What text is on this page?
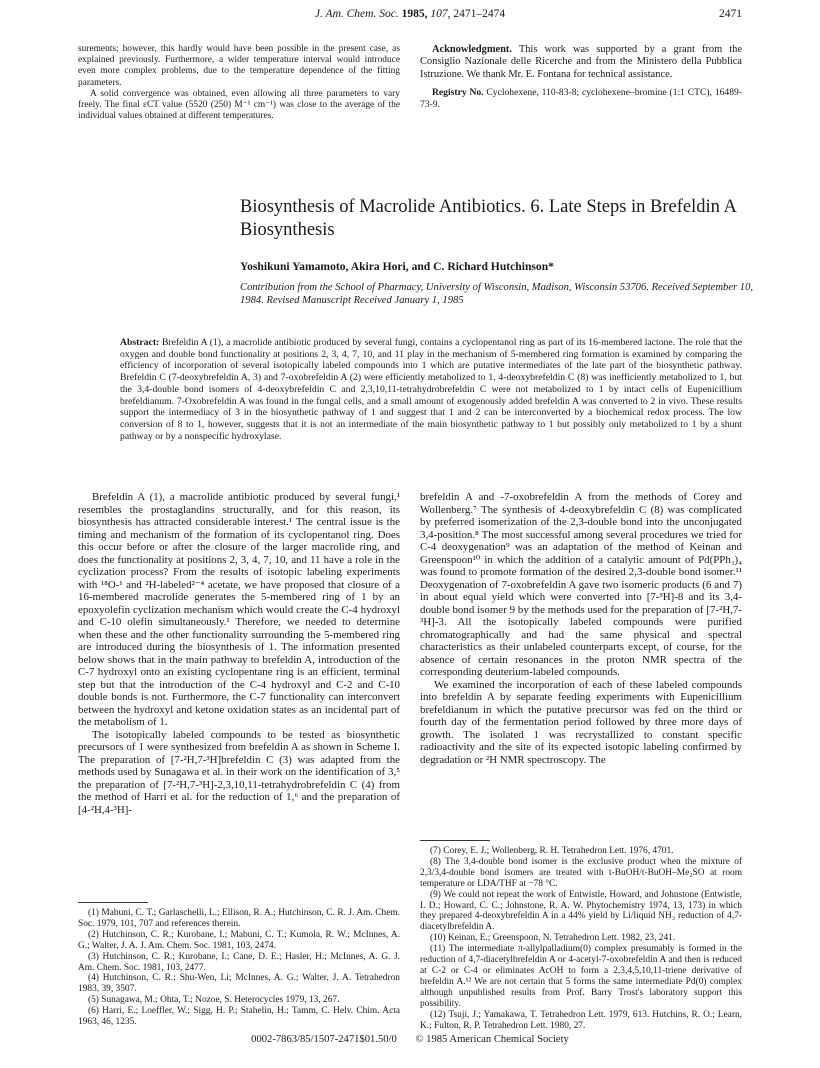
J. Am. Chem. Soc. 1985, 107, 2471–2474	2471

surements; however, this hardly would have been possible in the present case, as explained previously. Furthermore, a wider temperature interval would introduce even more complex problems, due to the temperature dependence of the fitting parameters.

A solid convergence was obtained, even allowing all three parameters to vary freely. The final εCT value (5520 (250) M⁻¹ cm⁻¹) was close to the average of the individual values obtained at different temperatures.

Acknowledgment. This work was supported by a grant from the Consiglio Nazionale delle Ricerche and from the Ministero della Pubblica Istruzione. We thank Mr. E. Fontana for technical assistance.

Registry No. Cyclohexene, 110-83-8; cyclohexene–bromine (1:1 CTC), 16489-73-9.

Biosynthesis of Macrolide Antibiotics. 6. Late Steps in Brefeldin A Biosynthesis
Yoshikuni Yamamoto, Akira Hori, and C. Richard Hutchinson*
Contribution from the School of Pharmacy, University of Wisconsin, Madison, Wisconsin 53706. Received September 10, 1984. Revised Manuscript Received January 1, 1985
Abstract: Brefeldin A (1), a macrolide antibiotic produced by several fungi, contains a cyclopentanol ring as part of its 16-membered lactone. The role that the oxygen and double bond functionality at positions 2, 3, 4, 7, 10, and 11 play in the mechanism of 5-membered ring formation is examined by comparing the efficiency of incorporation of several isotopically labeled compounds into 1 which are putative intermediates of the late part of the biosynthetic pathway. Brefeldin C (7-deoxybrefeldin A, 3) and 7-oxobrefeldin A (2) were efficiently metabolized to 1, 4-deoxybrefeldin C (8) was inefficiently metabolized to 1, but the 3,4-double bond isomers of 4-deoxybrefeldin C and 2,3,10,11-tetrahydrobrefeldin C were not metabolized to 1 by intact cells of Eupenicillium brefeldianum. 7-Oxobrefeldin A was found in the fungal cells, and a small amount of exogenously added brefeldin A was converted to 2 in vivo. These results support the intermediacy of 3 in the biosynthetic pathway of 1 and suggest that 1 and 2 can be interconverted by a biochemical redox process. The low conversion of 8 to 1, however, suggests that it is not an intermediate of the main biosynthetic pathway to 1 but possibly only metabolized to 1 by a shunt pathway or by a nonspecific hydroxylase.

Brefeldin A (1), a macrolide antibiotic produced by several fungi,¹ resembles the prostaglandins structurally, and for this reason, its biosynthesis has attracted considerable interest.¹ The central issue is the timing and mechanism of the formation of its cyclopentanol ring. Does this occur before or after the closure of the larger macrolide ring, and does the functionality at positions 2, 3, 4, 7, 10, and 11 have a role in the cyclization process? From the results of isotopic labeling experiments with ¹⁸O-¹ and ²H-labeled²⁻⁴ acetate, we have proposed that closure of a 16-membered macrolide generates the 5-membered ring of 1 by an epoxyolefin cyclization mechanism which would create the C-4 hydroxyl and C-10 olefin simultaneously.¹ Therefore, we needed to determine when these and the other functionality surrounding the 5-membered ring are introduced during the biosynthesis of 1. The information presented below shows that in the main pathway to brefeldin A, introduction of the C-7 hydroxyl onto an existing cyclopentane ring is an efficient, terminal step but that the introduction of the C-4 hydroxyl and C-2 and C-10 double bonds is not. Furthermore, the C-7 functionality can interconvert between the hydroxyl and ketone oxidation states as an incidental part of the metabolism of 1.

The isotopically labeled compounds to be tested as biosynthetic precursors of 1 were synthesized from brefeldin A as shown in Scheme I. The preparation of [7-²H,7-³H]brefeldin C (3) was adapted from the methods used by Sunagawa et al. in their work on the identification of 3,⁵ the preparation of [7-²H,7-³H]-2,3,10,11-tetrahydrobrefeldin C (4) from the method of Harri et al. for the reduction of 1,⁶ and the preparation of [4-²H,4-³H]-

(1) Mabuni, C. T.; Garlaschelli, L.; Ellison, R. A.; Hutchinson, C. R. J. Am. Chem. Soc. 1979, 101, 707 and references therein.

(2) Hutchinson, C. R.; Kurobane, I.; Mabuni, C. T.; Kumola, R. W.; McInnes, A. G.; Walter, J. A. J. Am. Chem. Soc. 1981, 103, 2474.

(3) Hutchinson, C. R.; Kurobane, I.; Cane, D. E.; Hasler, H.; McInnes, A. G. J. Am. Chem. Soc. 1981, 103, 2477.

(4) Hutchinson, C. R.; Shu-Wen, Li; McInnes, A. G.; Walter, J. A. Tetrahedron 1983, 39, 3507.

(5) Sunagawa, M.; Ohta, T.; Nozoe, S. Heterocycles 1979, 13, 267.

(6) Harri, E.; Loeffler, W.; Sigg, H. P.; Stahelin, H.; Tamm, C. Helv. Chim. Acta 1963, 46, 1235.

brefeldin A and -7-oxobrefeldin A from the methods of Corey and Wollenberg.⁷ The synthesis of 4-deoxybrefeldin C (8) was complicated by preferred isomerization of the 2,3-double bond into the unconjugated 3,4-position.⁸ The most successful among several procedures we tried for C-4 deoxygenation⁹ was an adaptation of the method of Keinan and Greenspoon¹⁰ in which the addition of a catalytic amount of Pd(PPh₃)₄ was found to promote formation of the desired 2,3-double bond isomer.¹¹ Deoxygenation of 7-oxobrefeldin A gave two isomeric products (6 and 7) in about equal yield which were converted into [7-³H]-8 and its 3,4-double bond isomer 9 by the methods used for the preparation of [7-²H,7-³H]-3. All the isotopically labeled compounds were purified chromatographically and had the same physical and spectral characteristics as their unlabeled counterparts except, of course, for the absence of certain resonances in the proton NMR spectra of the corresponding deuterium-labeled compounds.

We examined the incorporation of each of these labeled compounds into brefeldin A by separate feeding experiments with Eupenicillium brefeldianum in which the putative precursor was fed on the third or fourth day of the fermentation period followed by three more days of growth. The isolated 1 was recrystallized to constant specific radioactivity and the site of its expected isotopic labeling confirmed by degradation or ²H NMR spectroscopy. The

(7) Corey, E. J.; Wollenberg, R. H. Tetrahedron Lett. 1976, 4701.

(8) The 3,4-double bond isomer is the exclusive product when the mixture of 2,3/3,4-double bond isomers are treated with t-BuOH/t-BuOH–Me₂SO at room temperature or LDA/THF at −78 °C.

(9) We could not repeat the work of Entwistle, Howard, and Johnstone (Entwistle, I. D.; Howard, C. C.; Johnstone, R. A. W. Phytochemistry 1974, 13, 173) in which they prepared 4-deoxybrefeldin A in a 44% yield by Li/liquid NH₃ reduction of 4,7-diacetylbrefeldin A.

(10) Keinan, E.; Greenspoon, N. Tetrahedron Lett. 1982, 23, 241.

(11) The intermediate π-allylpalladium(0) complex presumably is formed in the reduction of 4,7-diacetylbrefeldin A or 4-acetyl-7-oxobrefeldin A and then is reduced at C-2 or C-4 or eliminates AcOH to form a 2,3,4,5,10,11-triene derivative of brefeldin A.¹² We are not certain that 5 forms the same intermediate Pd(0) complex although unpublished results from Prof. Barry Trost's laboratory support this possibility.

(12) Tsuji, J.; Yamakawa, T. Tetrahedron Lett. 1979, 613. Hutchins, R. O.; Learn, K.; Fulton, R. P. Tetrahedron Lett. 1980, 27.

0002-7863/85/1507-2471$01.50/0 © 1985 American Chemical Society
